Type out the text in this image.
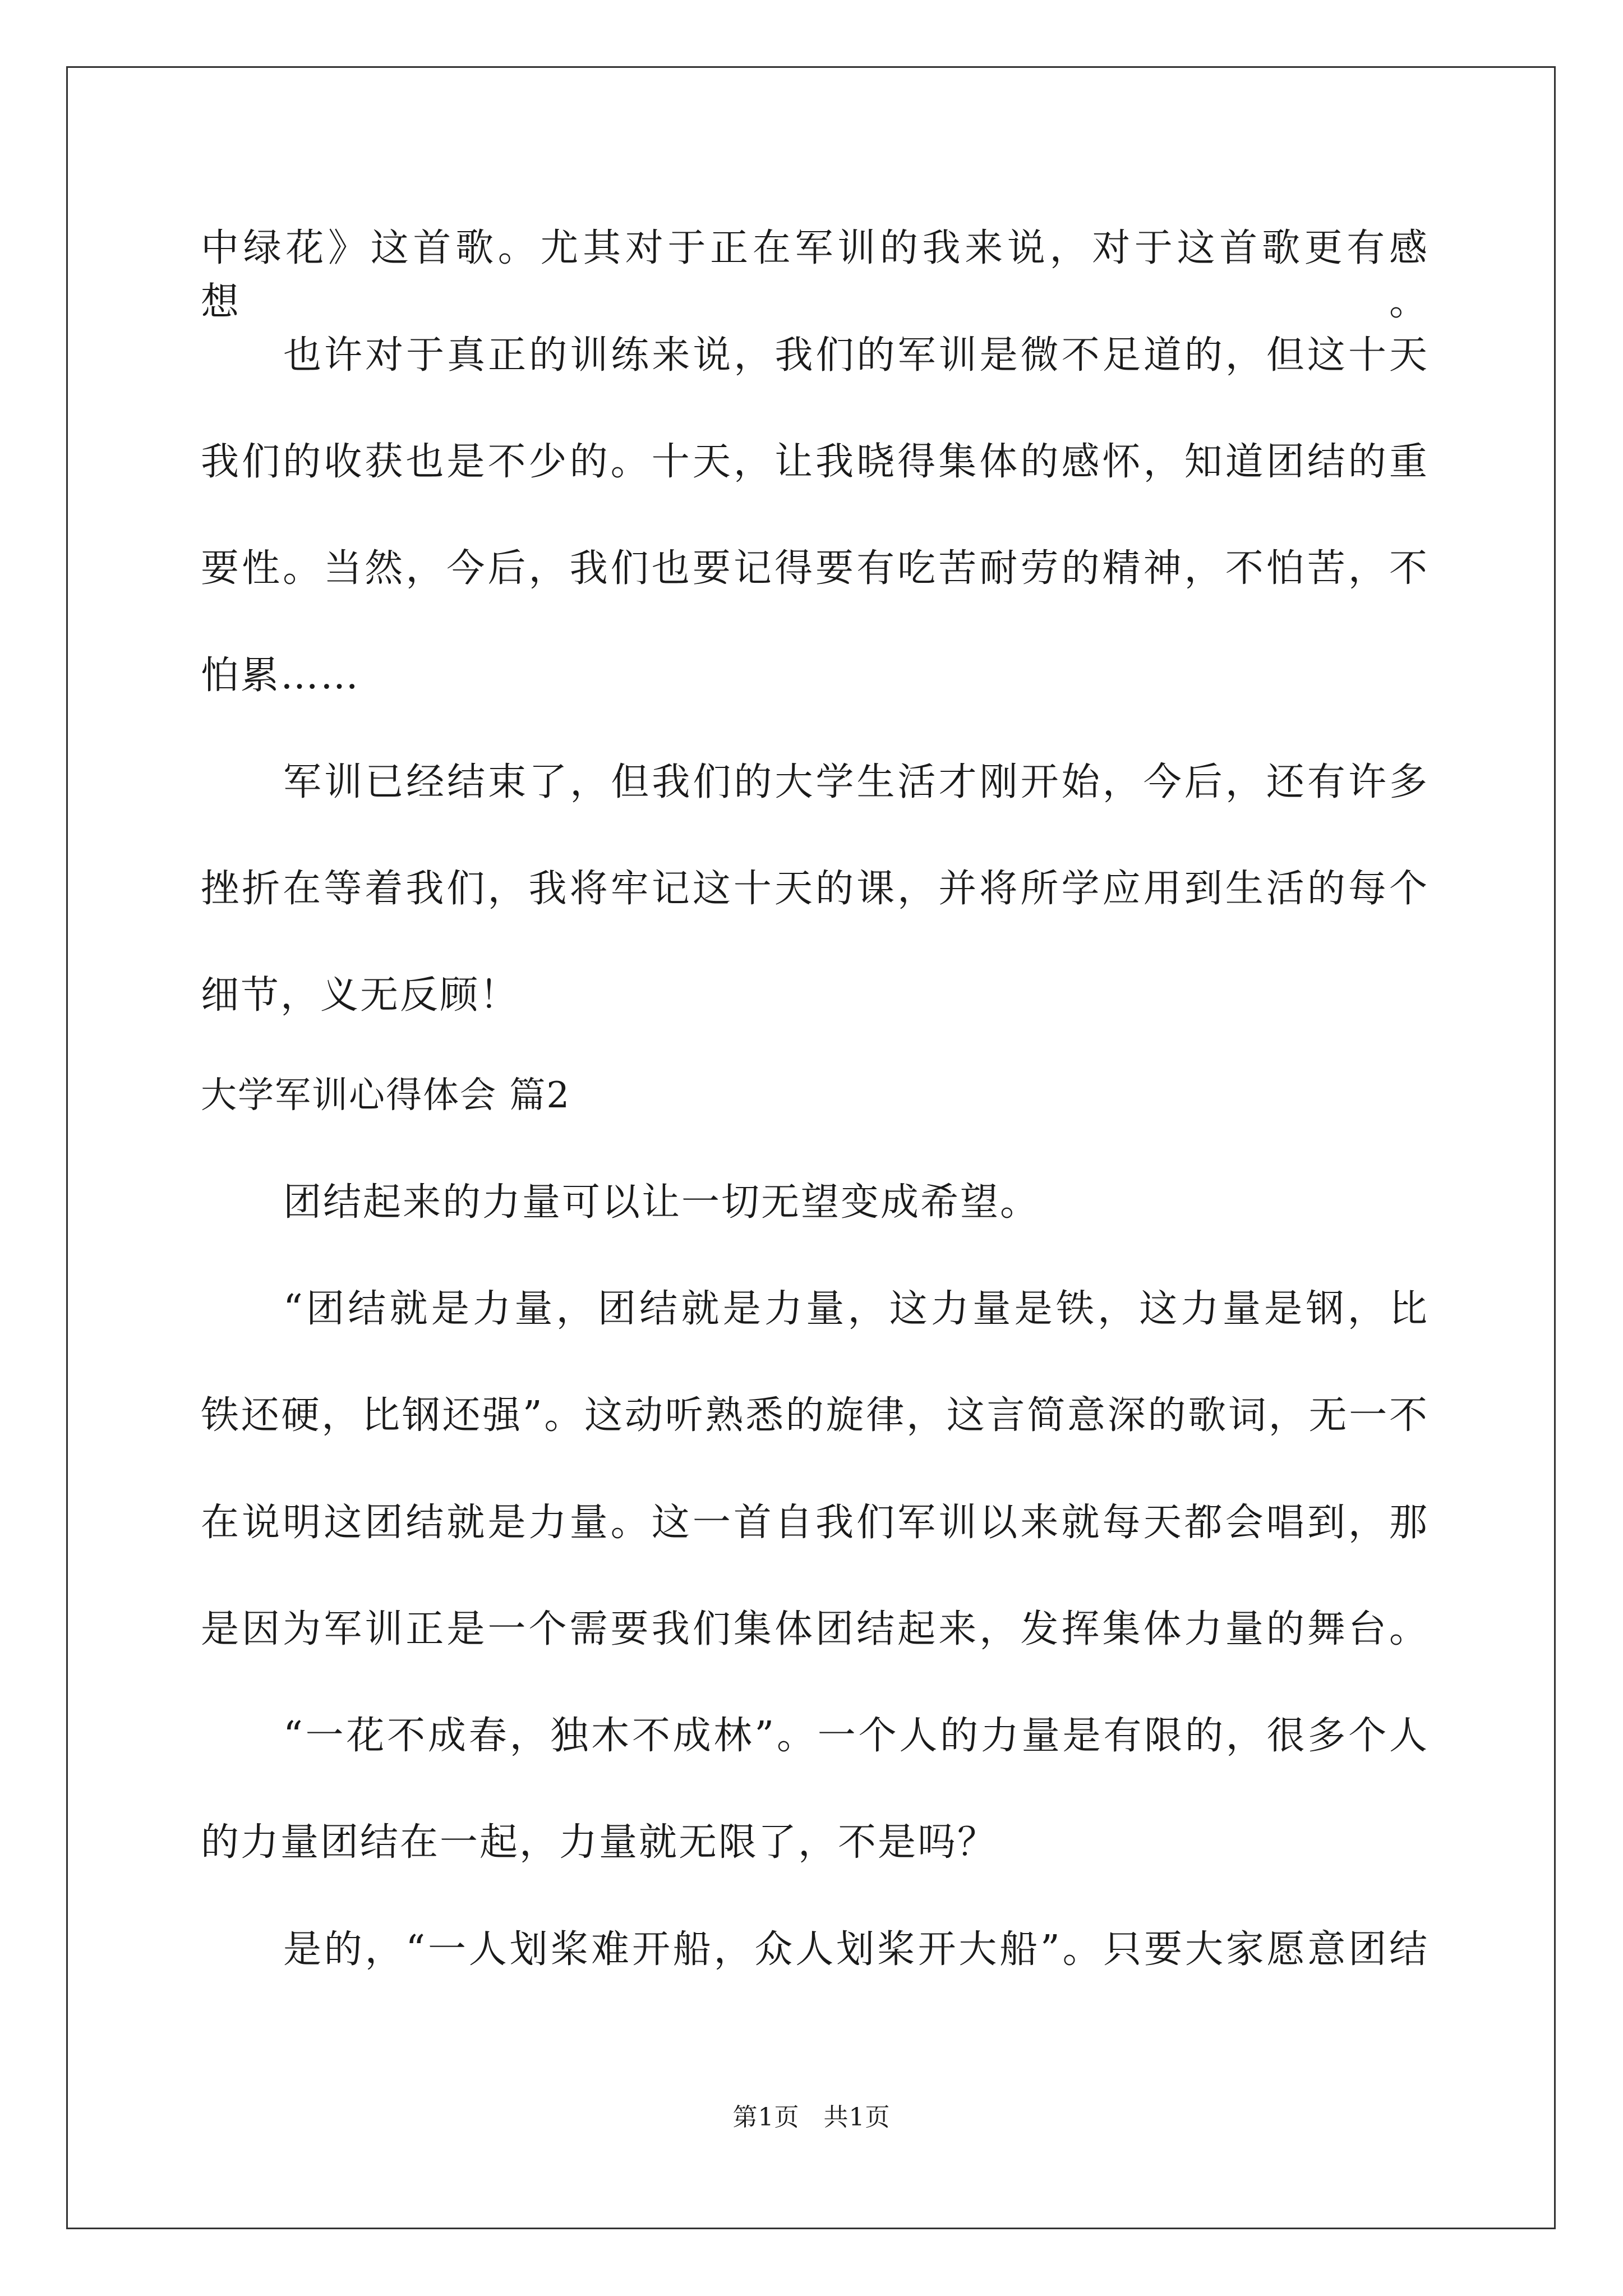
中绿花》这首歌。尤其对于正在军训的我来说，对于这首歌更有感想。
也许对于真正的训练来说，我们的军训是微不足道的，但这十天
我们的收获也是不少的。十天，让我晓得集体的感怀，知道团结的重
要性。当然，今后，我们也要记得要有吃苦耐劳的精神，不怕苦，不
怕累……
军训已经结束了，但我们的大学生活才刚开始，今后，还有许多
挫折在等着我们，我将牢记这十天的课，并将所学应用到生活的每个
细节，义无反顾！
大学军训心得体会 篇2
团结起来的力量可以让一切无望变成希望。
“团结就是力量，团结就是力量，这力量是铁，这力量是钢，比
铁还硬，比钢还强”。这动听熟悉的旋律，这言简意深的歌词，无一不
在说明这团结就是力量。这一首自我们军训以来就每天都会唱到，那
是因为军训正是一个需要我们集体团结起来，发挥集体力量的舞台。
“一花不成春，独木不成林”。一个人的力量是有限的，很多个人
的力量团结在一起，力量就无限了，不是吗？
是的，“一人划桨难开船，众人划桨开大船”。只要大家愿意团结
第1页 共1页
